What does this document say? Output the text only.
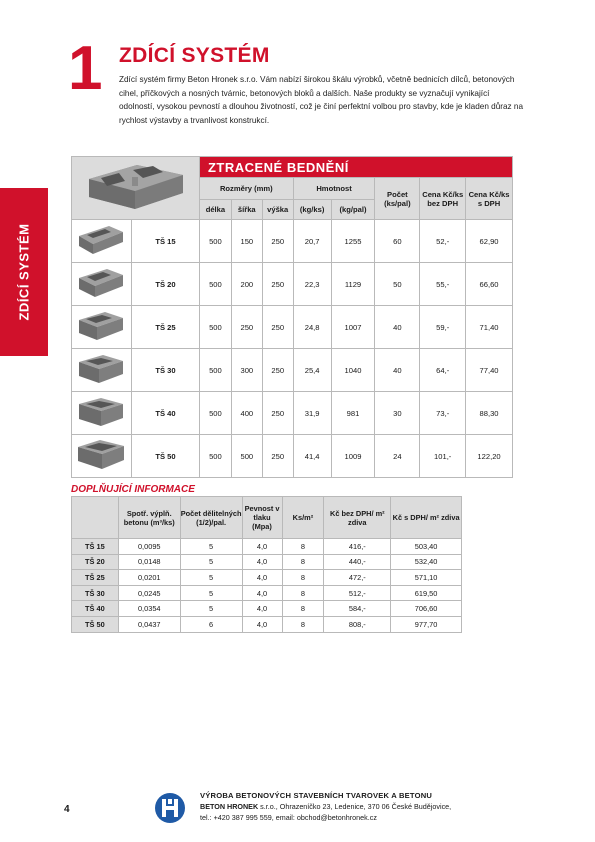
ZDÍCÍ SYSTÉM
1 ZDÍCÍ SYSTÉM

Zdící systém firmy Beton Hronek s.r.o. Vám nabízí širokou škálu výrobků, včetně bednicích dílců, betonových cihel, příčkových a nosných tvárnic, betonových bloků a dalších. Naše produkty se vyznačují vynikající odolností, vysokou pevností a dlouhou životností, což je činí perfektní volbou pro stavby, kde je kladen důraz na rychlost výstavby a trvanlivost konstrukcí.

	ZTRACENÉ BEDNĚNÍ							
		Rozměry (mm)			Hmotnost		Počet (ks/pal)	Cena Kč/ks bez DPH	Cena Kč/ks s DPH
		délka	šířka	výška	(kg/ks)	(kg/pal)			
	TŠ 15	500	150	250	20,7	1255	60	52,-	62,90
	TŠ 20	500	200	250	22,3	1129	50	55,-	66,60
	TŠ 25	500	250	250	24,8	1007	40	59,-	71,40
	TŠ 30	500	300	250	25,4	1040	40	64,-	77,40
	TŠ 40	500	400	250	31,9	981	30	73,-	88,30
	TŠ 50	500	500	250	41,4	1009	24	101,-	122,20
DOPLŇUJÍCÍ INFORMACE
	Spotř. výplň. betonu (m³/ks)	Počet dělitelných (1/2)/pal.	Pevnost v tlaku (Mpa)	Ks/m²	Kč bez DPH/ m² zdiva	Kč s DPH/ m² zdiva
TŠ 15	0,0095	5	4,0	8	416,-	503,40
TŠ 20	0,0148	5	4,0	8	440,-	532,40
TŠ 25	0,0201	5	4,0	8	472,-	571,10
TŠ 30	0,0245	5	4,0	8	512,-	619,50
TŠ 40	0,0354	5	4,0	8	584,-	706,60
TŠ 50	0,0437	6	4,0	8	808,-	977,70
4
VÝROBA BETONOVÝCH STAVEBNÍCH TVAROVEK A BETONU
BETON HRONEK s.r.o., Ohrazeníčko 23, Ledenice, 370 06 České Budějovice,
tel.: +420 387 995 559, email: obchod@betonhronek.cz
